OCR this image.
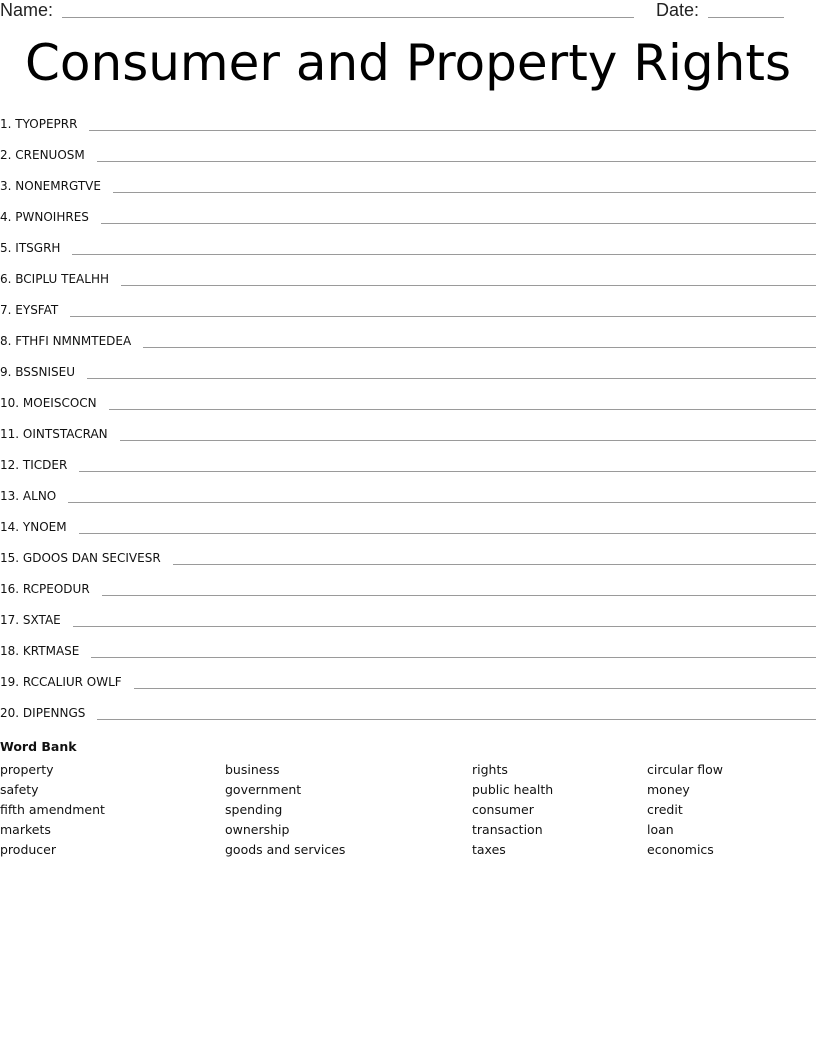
Name:	Date:
Consumer and Property Rights
1.
TYOPEPRR
2.
CRENUOSM
3.
NONEMRGTVE
4.
PWNOIHRES
5.
ITSGRH
6.
BCIPLU TEALHH
7.
EYSFAT
8.
FTHFI NMNMTEDEA
9.
BSSNISEU
10.
MOEISCOCN
11.
OINTSTACRAN
12.
TICDER
13.
ALNO
14.
YNOEM
15.
GDOOS DAN SECIVESR
16.
RCPEODUR
17.
SXTAE
18.
KRTMASE
19.
RCCALIUR OWLF
20.
DIPENNGS
Word Bank
property
safety
fifth amendment
markets
producer
business
government
spending
ownership
goods and services
rights
public health
consumer
transaction
taxes
circular flow
money
credit
loan
economics
